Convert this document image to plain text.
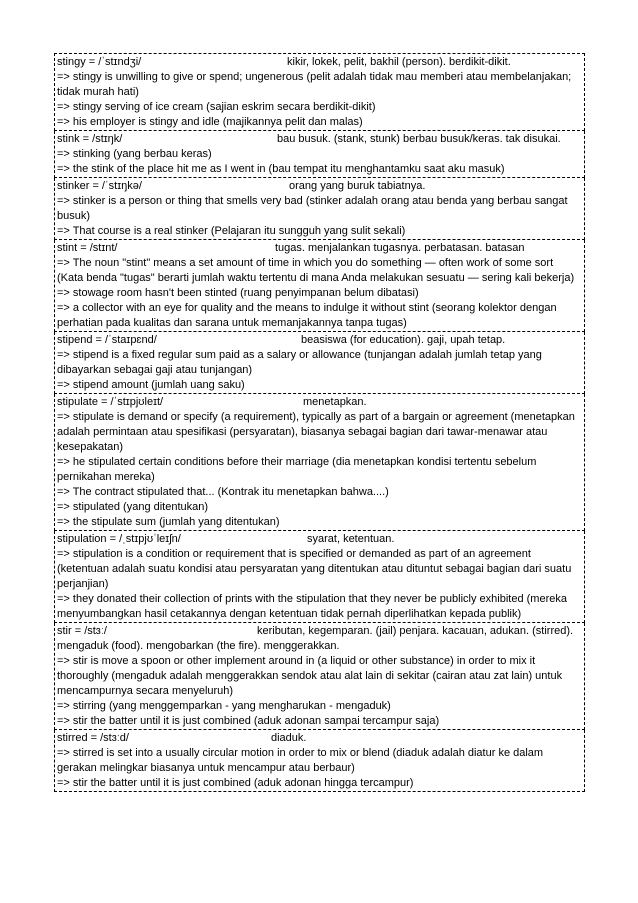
stingy = /ˈstɪndʒi/	kikir, lokek, pelit, bakhil (person). berdikit-dikit.
=> stingy is unwilling to give or spend; ungenerous (pelit adalah tidak mau memberi atau membelanjakan; tidak murah hati)
=> stingy serving of ice cream (sajian eskrim secara berdikit-dikit)
=> his employer is stingy and idle (majikannya pelit dan malas)
stink = /stɪŋk/	bau busuk. (stank, stunk) berbau busuk/keras. tak disukai.
=> stinking (yang berbau keras)
=> the stink of the place hit me as I went in (bau tempat itu menghantamku saat aku masuk)
stinker = /ˈstɪŋkə/	orang yang buruk tabiatnya.
=> stinker is a person or thing that smells very bad (stinker adalah orang atau benda yang berbau sangat busuk)
=> That course is a real stinker (Pelajaran itu sungguh yang sulit sekali)
stint = /stɪnt/	tugas. menjalankan tugasnya. perbatasan. batasan
=> The noun "stint" means a set amount of time in which you do something — often work of some sort (Kata benda "tugas" berarti jumlah waktu tertentu di mana Anda melakukan sesuatu — sering kali bekerja)
=> stowage room hasn't been stinted (ruang penyimpanan belum dibatasi)
=> a collector with an eye for quality and the means to indulge it without stint (seorang kolektor dengan perhatian pada kualitas dan sarana untuk memanjakannya tanpa tugas)
stipend = /ˈstaɪpɛnd/	beasiswa (for education). gaji, upah tetap.
=> stipend is a fixed regular sum paid as a salary or allowance (tunjangan adalah jumlah tetap yang dibayarkan sebagai gaji atau tunjangan)
=> stipend amount (jumlah uang saku)
stipulate = /ˈstɪpjʊleɪt/	menetapkan.
=> stipulate is demand or specify (a requirement), typically as part of a bargain or agreement (menetapkan adalah permintaan atau spesifikasi (persyaratan), biasanya sebagai bagian dari tawar-menawar atau kesepakatan)
=> he stipulated certain conditions before their marriage (dia menetapkan kondisi tertentu sebelum pernikahan mereka)
=> The contract stipulated that... (Kontrak itu menetapkan bahwa....)
=> stipulated (yang ditentukan)
=> the stipulate sum (jumlah yang ditentukan)
stipulation = /ˌstɪpjʊˈleɪʃn/	syarat, ketentuan.
=> stipulation is a condition or requirement that is specified or demanded as part of an agreement (ketentuan adalah suatu kondisi atau persyaratan yang ditentukan atau dituntut sebagai bagian dari suatu perjanjian)
=> they donated their collection of prints with the stipulation that they never be publicly exhibited (mereka menyumbangkan hasil cetakannya dengan ketentuan tidak pernah diperlihatkan kepada publik)
stir = /stɜː/	keributan, kegemparan. (jail) penjara. kacauan, adukan. (stirred). mengaduk (food). mengobarkan (the fire). menggerakkan.
=> stir is move a spoon or other implement around in (a liquid or other substance) in order to mix it thoroughly (mengaduk adalah menggerakkan sendok atau alat lain di sekitar (cairan atau zat lain) untuk mencampurnya secara menyeluruh)
=> stirring (yang menggemparkan - yang mengharukan - mengaduk)
=> stir the batter until it is just combined (aduk adonan sampai tercampur saja)
stirred = /stɜːd/	diaduk.
=> stirred is set into a usually circular motion in order to mix or blend (diaduk adalah diatur ke dalam gerakan melingkar biasanya untuk mencampur atau berbaur)
=> stir the batter until it is just combined (aduk adonan hingga tercampur)
